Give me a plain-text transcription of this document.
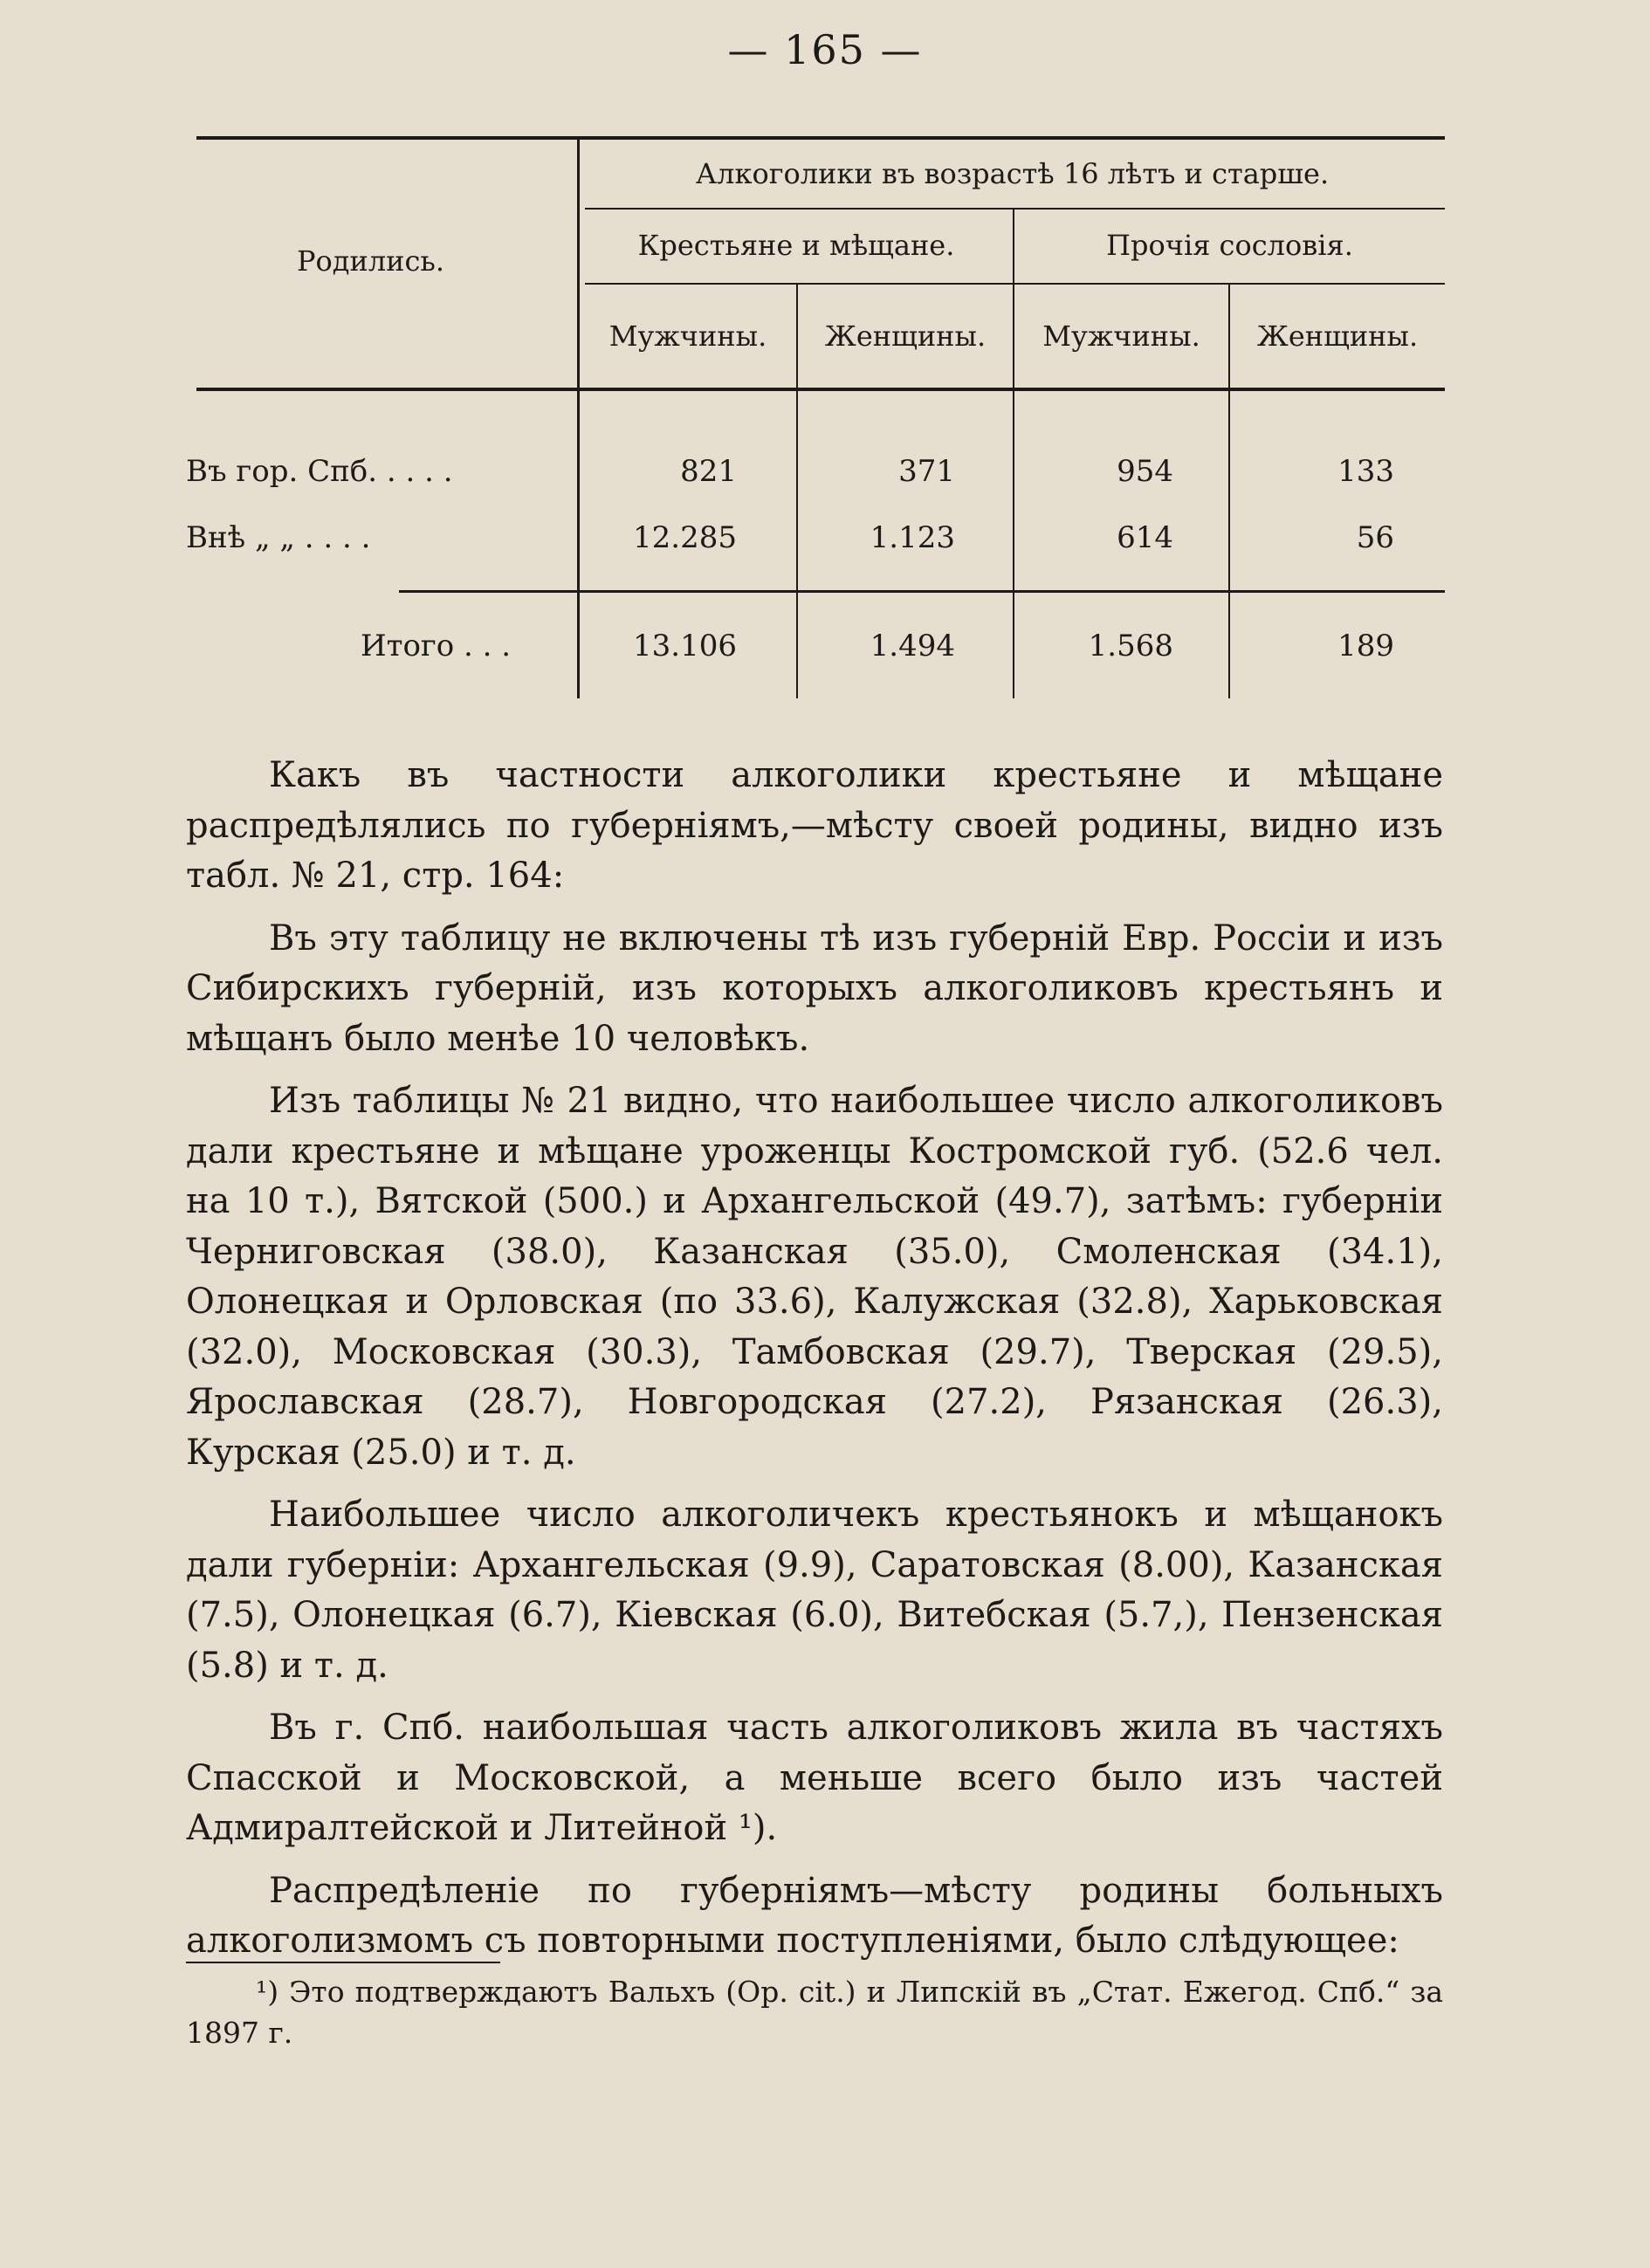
— 165 —
Родились.
Алкоголики въ возрастѣ 16 лѣтъ и старше.
Крестьяне и мѣщане.	Прочія сословія.
Мужчины.	Женщины.	Мужчины.	Женщины.
Въ гор. Спб. . . . .	821	371	954	133
Внѣ „ „ . . . .	12.285	1.123	614	56
Итого . . .	13.106	1.494	1.568	189

Какъ въ частности алкоголики крестьяне и мѣщане распредѣлялись по губерніямъ,—мѣсту своей родины, видно изъ табл. № 21, стр. 164:

Въ эту таблицу не включены тѣ изъ губерній Евр. Россіи и изъ Сибирскихъ губерній, изъ которыхъ алкоголиковъ крестьянъ и мѣщанъ было менѣе 10 человѣкъ.

Изъ таблицы № 21 видно, что наибольшее число алкоголиковъ дали крестьяне и мѣщане уроженцы Костромской губ. (52.6 чел. на 10 т.), Вятской (500.) и Архангельской (49.7), затѣмъ: губерніи Черниговская (38.0), Казанская (35.0), Смоленская (34.1), Олонецкая и Орловская (по 33.6), Калужская (32.8), Харьковская (32.0), Московская (30.3), Тамбовская (29.7), Тверская (29.5), Ярославская (28.7), Новгородская (27.2), Рязанская (26.3), Курская (25.0) и т. д.

Наибольшее число алкоголичекъ крестьянокъ и мѣщанокъ дали губерніи: Архангельская (9.9), Саратовская (8.00), Казанская (7.5), Олонецкая (6.7), Кіевская (6.0), Витебская (5.7,), Пензенская (5.8) и т. д.

Въ г. Спб. наибольшая часть алкоголиковъ жила въ частяхъ Спасской и Московской, а меньше всего было изъ частей Адмиралтейской и Литейной ¹).

Распредѣленіе по губерніямъ—мѣсту родины больныхъ алкоголизмомъ съ повторными поступленіями, было слѣдующее:

¹) Это подтверждаютъ Вальхъ (Op. cit.) и Липскій въ „Стат. Ежегод. Спб.“ за 1897 г.
